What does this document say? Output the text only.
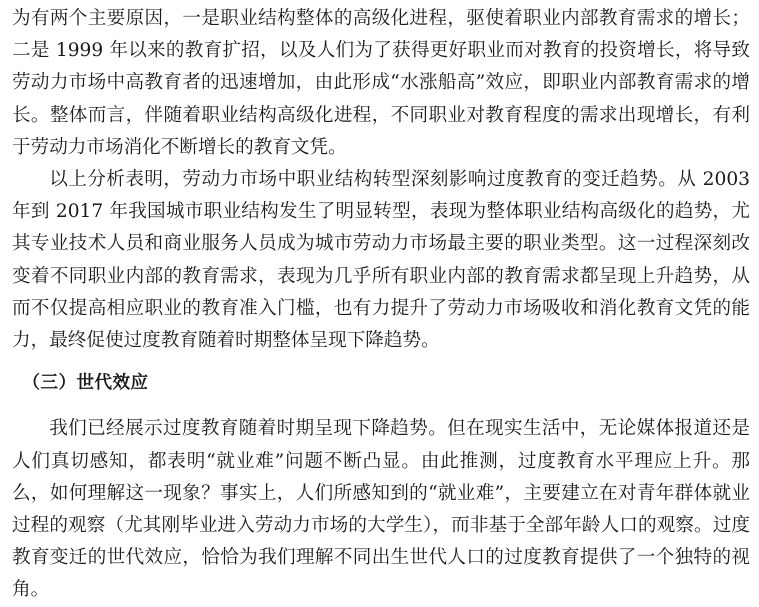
为有两个主要原因，一是职业结构整体的高级化进程，驱使着职业内部教育需求的增长；二是 1999 年以来的教育扩招，以及人们为了获得更好职业而对教育的投资增长，将导致劳动力市场中高教育者的迅速增加，由此形成“水涨船高”效应，即职业内部教育需求的增长。整体而言，伴随着职业结构高级化进程，不同职业对教育程度的需求出现增长，有利于劳动力市场消化不断增长的教育文凭。

以上分析表明，劳动力市场中职业结构转型深刻影响过度教育的变迁趋势。从 2003 年到 2017 年我国城市职业结构发生了明显转型，表现为整体职业结构高级化的趋势，尤其专业技术人员和商业服务人员成为城市劳动力市场最主要的职业类型。这一过程深刻改变着不同职业内部的教育需求，表现为几乎所有职业内部的教育需求都呈现上升趋势，从而不仅提高相应职业的教育准入门槛，也有力提升了劳动力市场吸收和消化教育文凭的能力，最终促使过度教育随着时期整体呈现下降趋势。

（三）世代效应

我们已经展示过度教育随着时期呈现下降趋势。但在现实生活中，无论媒体报道还是人们真切感知，都表明“就业难”问题不断凸显。由此推测，过度教育水平理应上升。那么，如何理解这一现象？事实上，人们所感知到的“就业难”，主要建立在对青年群体就业过程的观察（尤其刚毕业进入劳动力市场的大学生），而非基于全部年龄人口的观察。过度教育变迁的世代效应，恰恰为我们理解不同出生世代人口的过度教育提供了一个独特的视角。
